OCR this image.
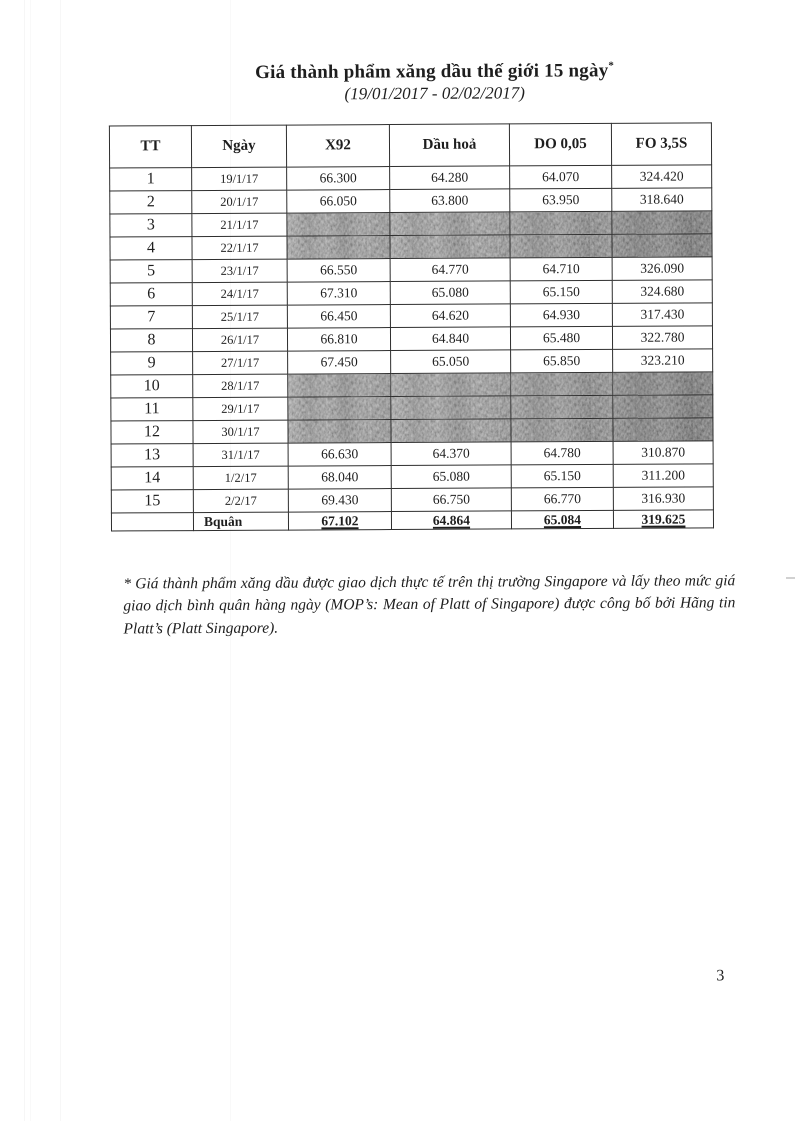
Giá thành phẩm xăng dầu thế giới 15 ngày*
(19/01/2017 - 02/02/2017)
TT	Ngày	X92	Dầu hoả	DO 0,05	FO 3,5S
1	19/1/17	66.300	64.280	64.070	324.420
2	20/1/17	66.050	63.800	63.950	318.640
3	21/1/17	

4	22/1/17	

5	23/1/17	66.550	64.770	64.710	326.090
6	24/1/17	67.310	65.080	65.150	324.680
7	25/1/17	66.450	64.620	64.930	317.430
8	26/1/17	66.810	64.840	65.480	322.780
9	27/1/17	67.450	65.050	65.850	323.210
10	28/1/17	

11	29/1/17	

12	30/1/17	

13	31/1/17	66.630	64.370	64.780	310.870
14	1/2/17	68.040	65.080	65.150	311.200
15	2/2/17	69.430	66.750	66.770	316.930
	Bquân	67.102	64.864	65.084	319.625

* Giá thành phẩm xăng dầu được giao dịch thực tế trên thị trường Singapore và lấy theo mức giá giao dịch bình quân hàng ngày (MOP’s: Mean of Platt of Singapore) được công bố bởi Hãng tin Platt’s (Platt Singapore).

3
